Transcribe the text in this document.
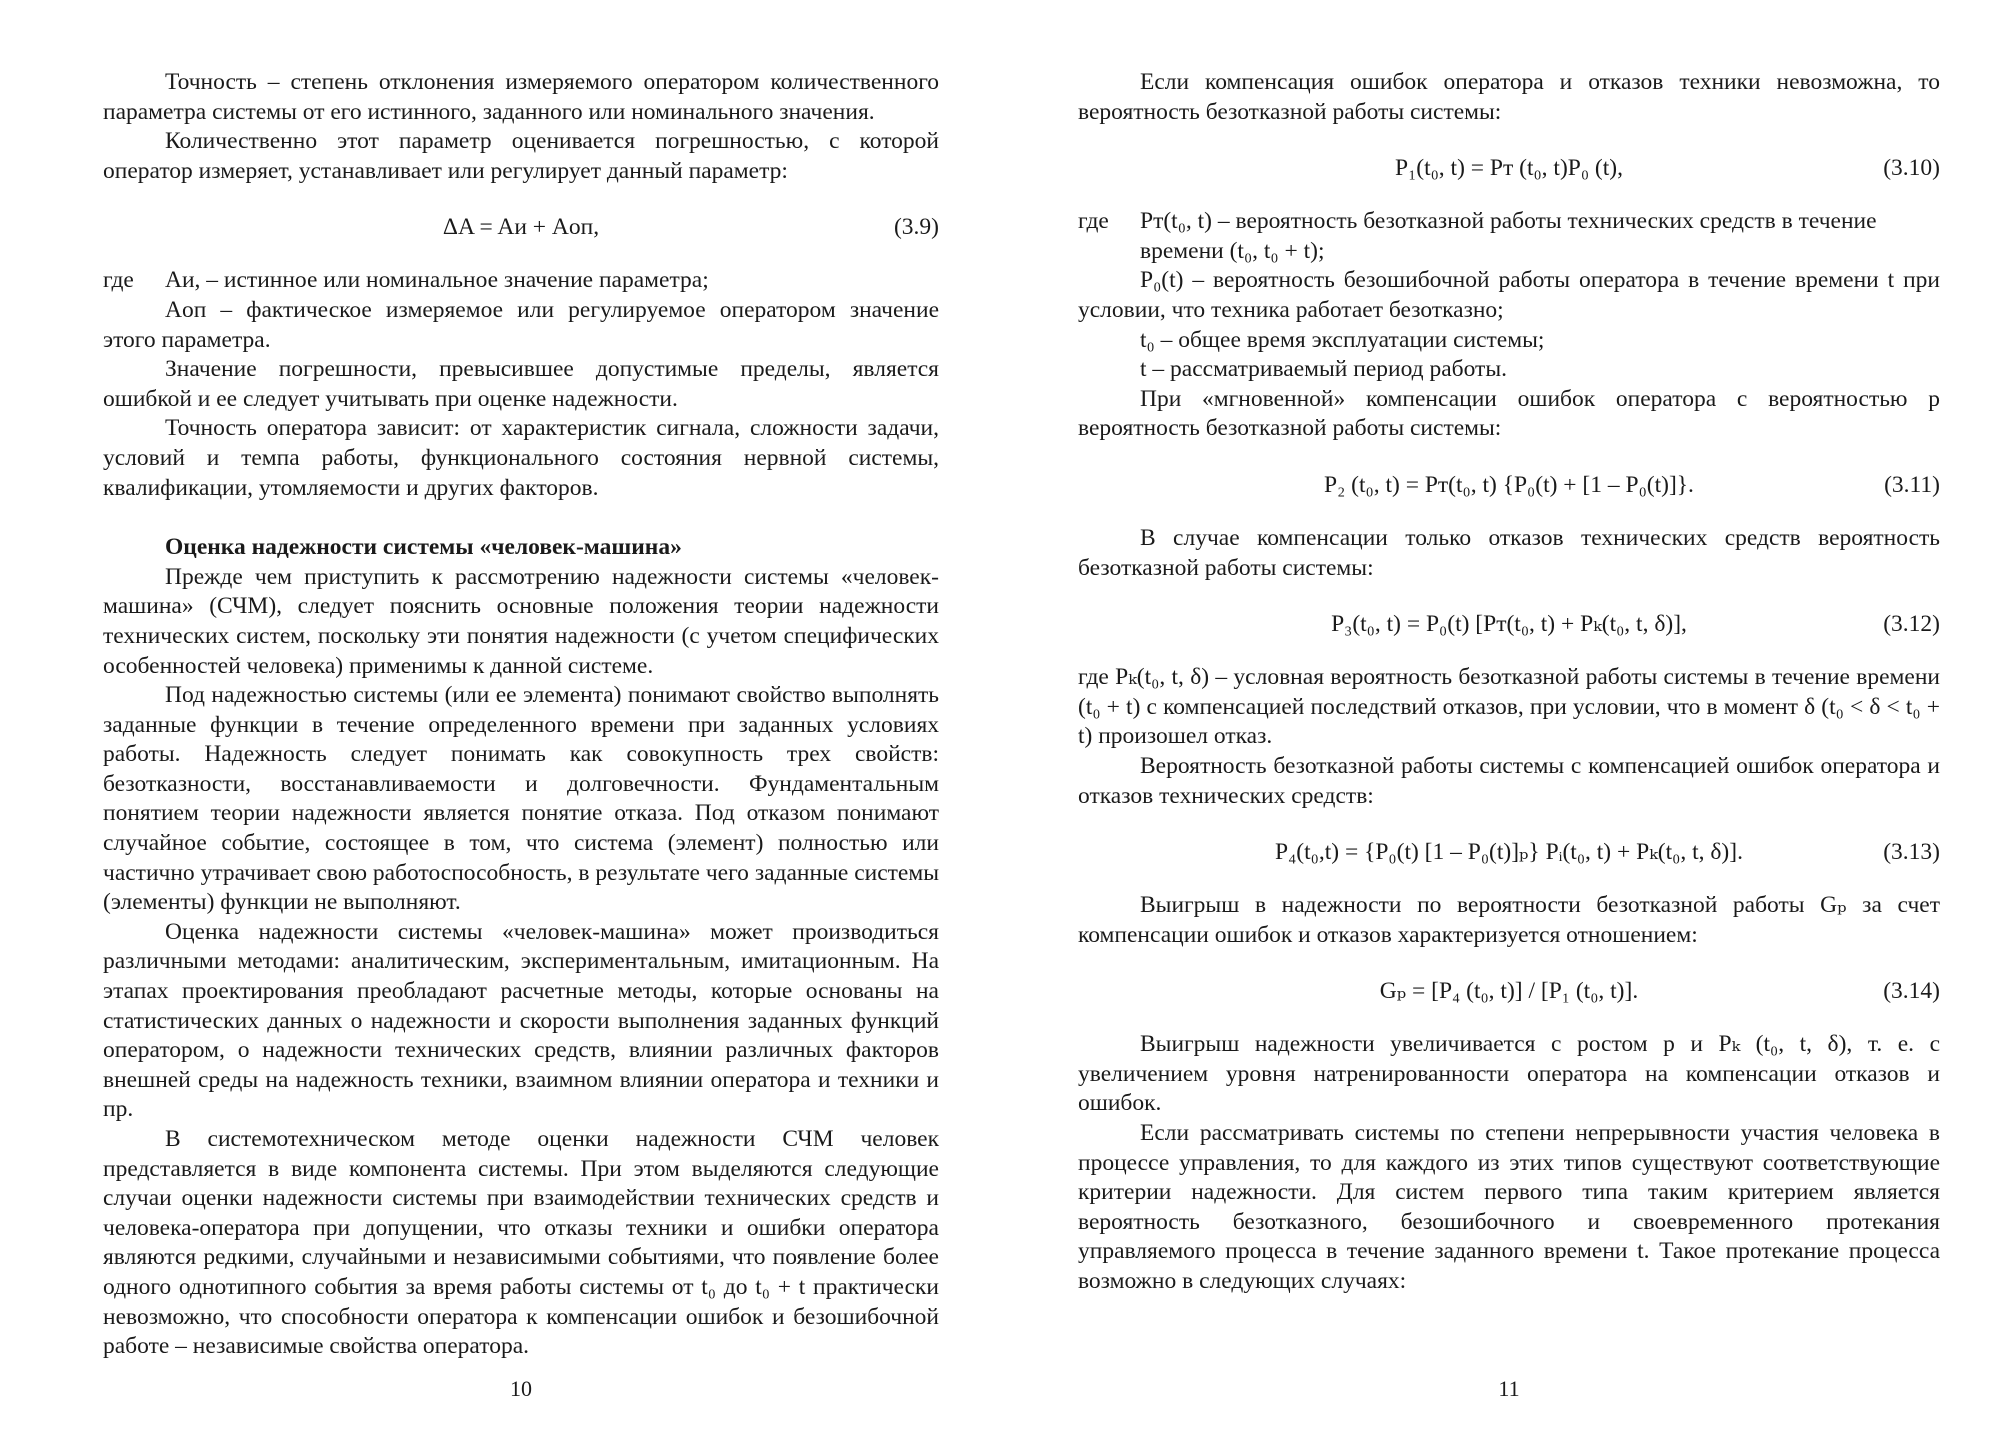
Точность – степень отклонения измеряемого оператором количественного параметра системы от его истинного, заданного или номинального значения.

Количественно этот параметр оценивается погрешностью, с которой оператор измеряет, устанавливает или регулирует данный параметр:

ΔA = Aи + Aоп,	(3.9)
где	Aи, – истинное или номинальное значение параметра;

Aоп – фактическое измеряемое или регулируемое оператором значение этого параметра.

Значение погрешности, превысившее допустимые пределы, является ошибкой и ее следует учитывать при оценке надежности.

Точность оператора зависит: от характеристик сигнала, сложности задачи, условий и темпа работы, функционального состояния нервной системы, квалификации, утомляемости и других факторов.

Оценка надежности системы «человек-машина»

Прежде чем приступить к рассмотрению надежности системы «человек-машина» (СЧМ), следует пояснить основные положения теории надежности технических систем, поскольку эти понятия надежности (с учетом специфических особенностей человека) применимы к данной системе.

Под надежностью системы (или ее элемента) понимают свойство выполнять заданные функции в течение определенного времени при заданных условиях работы. Надежность следует понимать как совокупность трех свойств: безотказности, восстанавливаемости и долговечности. Фундаментальным понятием теории надежности является понятие отказа. Под отказом понимают случайное событие, состоящее в том, что система (элемент) полностью или частично утрачивает свою работоспособность, в результате чего заданные системы (элементы) функции не выполняют.

Оценка надежности системы «человек-машина» может производиться различными методами: аналитическим, экспериментальным, имитационным. На этапах проектирования преобладают расчетные методы, которые основаны на статистических данных о надежности и скорости выполнения заданных функций оператором, о надежности технических средств, влиянии различных факторов внешней среды на надежность техники, взаимном влиянии оператора и техники и пр.

В системотехническом методе оценки надежности СЧМ человек представляется в виде компонента системы. При этом выделяются следующие случаи оценки надежности системы при взаимодействии технических средств и человека-оператора при допущении, что отказы техники и ошибки оператора являются редкими, случайными и независимыми событиями, что появление более одного однотипного события за время работы системы от t₀ до t₀ + t практически невозможно, что способности оператора к компенсации ошибок и безошибочной работе – независимые свойства оператора.

10

Если компенсация ошибок оператора и отказов техники невозможна, то вероятность безотказной работы системы:

P₁(t₀, t) = Pт (t₀, t)P₀ (t),	(3.10)
где	Pт(t₀, t) – вероятность безотказной работы технических средств в течение времени (t₀, t₀ + t);

P₀(t) – вероятность безошибочной работы оператора в течение времени t при условии, что техника работает безотказно;

t₀ – общее время эксплуатации системы;

t – рассматриваемый период работы.

При «мгновенной» компенсации ошибок оператора с вероятностью p вероятность безотказной работы системы:

P₂ (t₀, t) = Pт(t₀, t) {P₀(t) + [1 – P₀(t)]}.	(3.11)

В случае компенсации только отказов технических средств вероятность безотказной работы системы:

P₃(t₀, t) = P₀(t) [Pт(t₀, t) + Pₖ(t₀, t, δ)],	(3.12)

где Pₖ(t₀, t, δ) – условная вероятность безотказной работы системы в течение времени (t₀ + t) с компенсацией последствий отказов, при условии, что в момент δ (t₀ < δ < t₀ + t) произошел отказ.

Вероятность безотказной работы системы с компенсацией ошибок оператора и отказов технических средств:

P₄(t₀,t) = {P₀(t) [1 – P₀(t)]ₚ} Pᵢ(t₀, t) + Pₖ(t₀, t, δ)].	(3.13)

Выигрыш в надежности по вероятности безотказной работы Gₚ за счет компенсации ошибок и отказов характеризуется отношением:

Gₚ = [P₄ (t₀, t)] / [P₁ (t₀, t)].	(3.14)

Выигрыш надежности увеличивается с ростом p и Pₖ (t₀, t, δ), т. е. с увеличением уровня натренированности оператора на компенсации отказов и ошибок.

Если рассматривать системы по степени непрерывности участия человека в процессе управления, то для каждого из этих типов существуют соответствующие критерии надежности. Для систем первого типа таким критерием является вероятность безотказного, безошибочного и своевременного протекания управляемого процесса в течение заданного времени t. Такое протекание процесса возможно в следующих случаях:

11
